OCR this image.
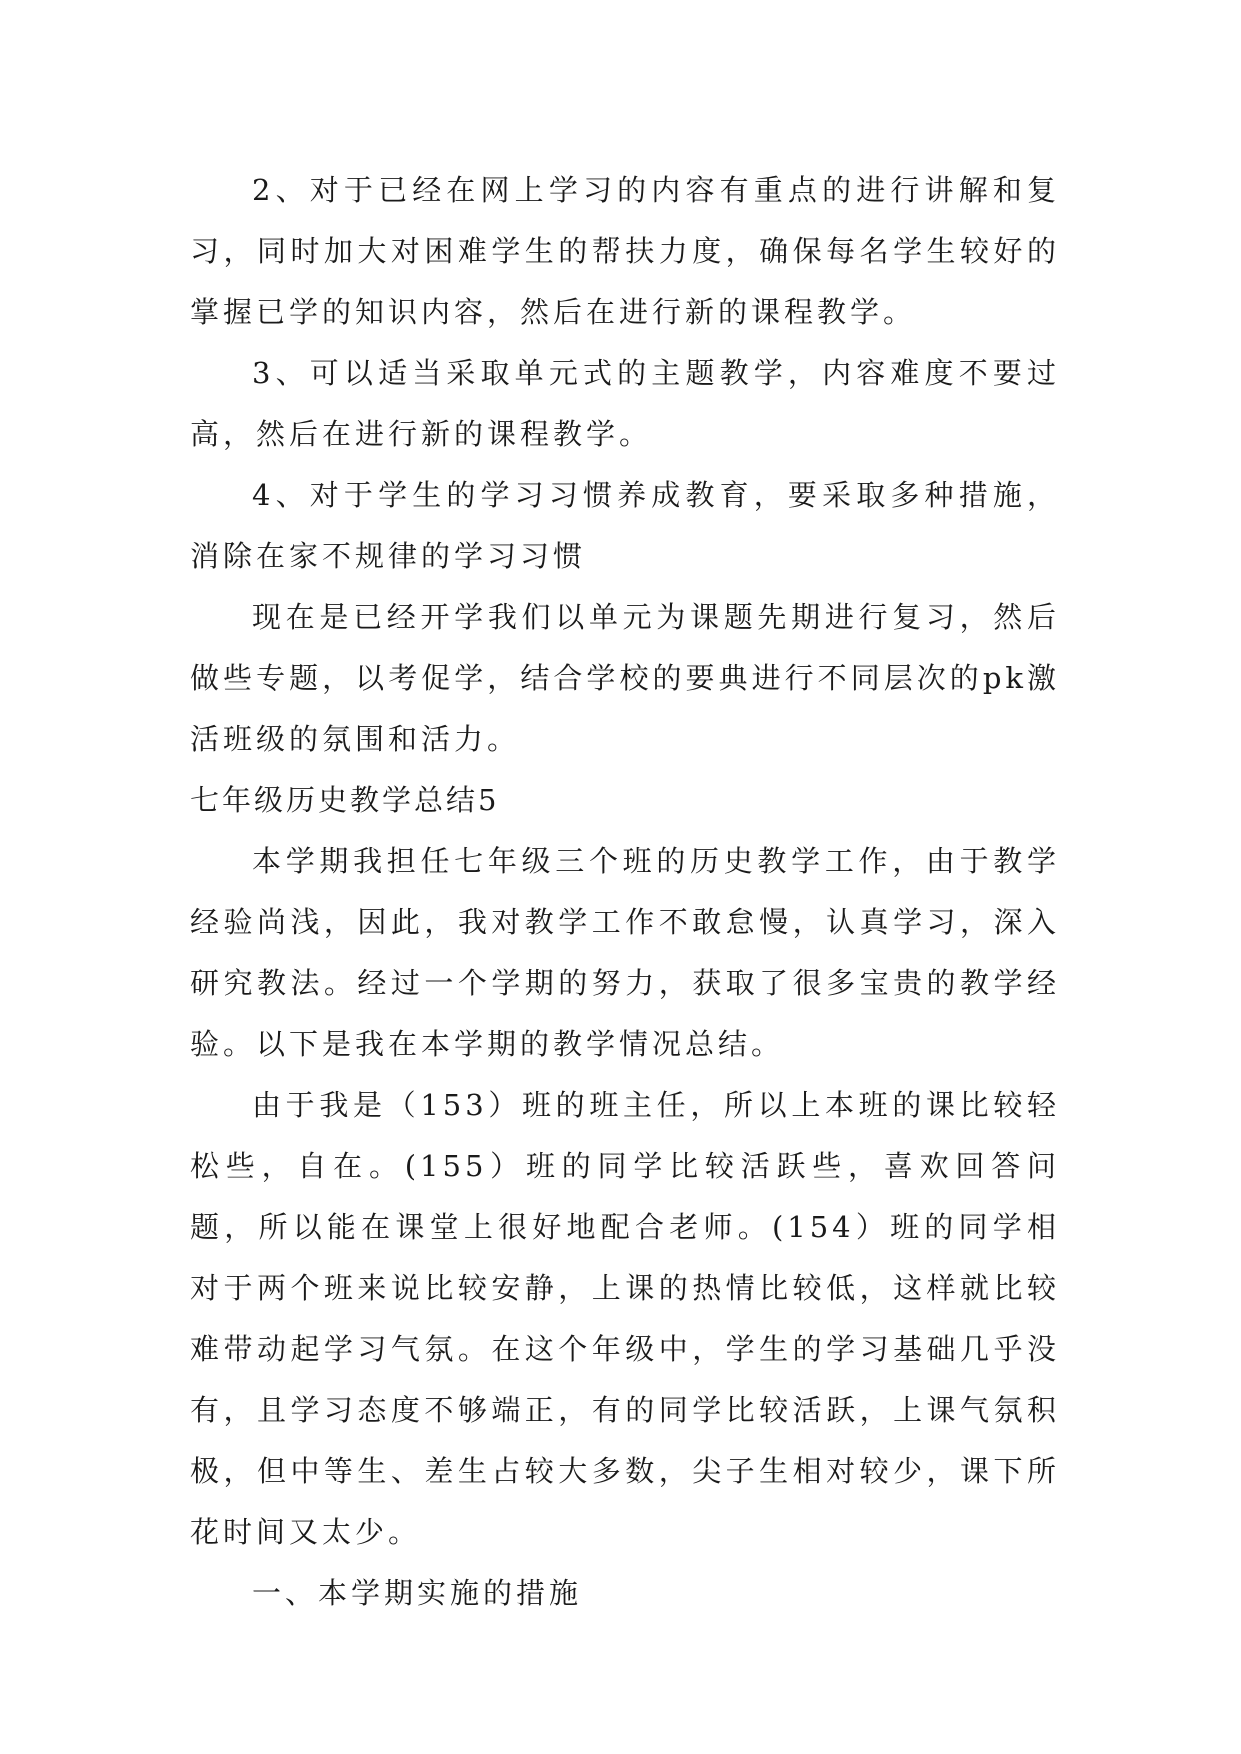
2、对于已经在网上学习的内容有重点的进行讲解和复习，同时加大对困难学生的帮扶力度，确保每名学生较好的掌握已学的知识内容，然后在进行新的课程教学。

3、可以适当采取单元式的主题教学，内容难度不要过高，然后在进行新的课程教学。

4、对于学生的学习习惯养成教育，要采取多种措施，消除在家不规律的学习习惯

现在是已经开学我们以单元为课题先期进行复习，然后做些专题，以考促学，结合学校的要典进行不同层次的pk激活班级的氛围和活力。

七年级历史教学总结5

本学期我担任七年级三个班的历史教学工作，由于教学经验尚浅，因此，我对教学工作不敢怠慢，认真学习，深入研究教法。经过一个学期的努力，获取了很多宝贵的教学经验。以下是我在本学期的教学情况总结。

由于我是（153）班的班主任，所以上本班的课比较轻松些，自在。(155）班的同学比较活跃些，喜欢回答问题，所以能在课堂上很好地配合老师。(154）班的同学相对于两个班来说比较安静，上课的热情比较低，这样就比较难带动起学习气氛。在这个年级中，学生的学习基础几乎没有，且学习态度不够端正，有的同学比较活跃，上课气氛积极，但中等生、差生占较大多数，尖子生相对较少，课下所花时间又太少。

一、本学期实施的措施
